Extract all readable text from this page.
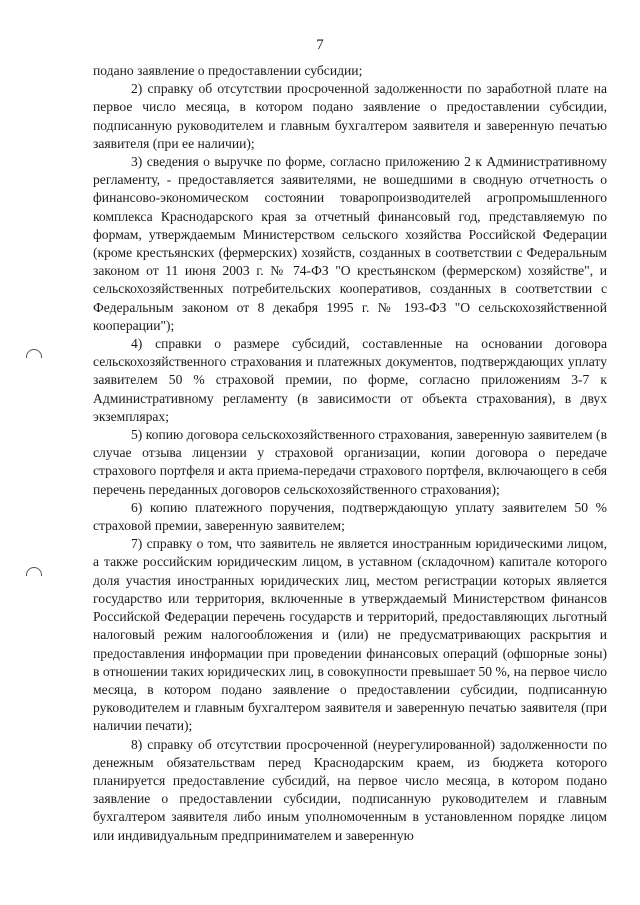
7

подано заявление о предоставлении субсидии;

2) справку об отсутствии просроченной задолженности по заработной плате на первое число месяца, в котором подано заявление о предоставлении субсидии, подписанную руководителем и главным бухгалтером заявителя и заверенную печатью заявителя (при ее наличии);

3) сведения о выручке по форме, согласно приложению 2 к Административному регламенту, - предоставляется заявителями, не вошедшими в сводную отчетность о финансово-экономическом состоянии товаропроизводителей агропромышленного комплекса Краснодарского края за отчетный финансовый год, представляемую по формам, утверждаемым Министерством сельского хозяйства Российской Федерации (кроме крестьянских (фермерских) хозяйств, созданных в соответствии с Федеральным законом от 11 июня 2003 г. № 74-ФЗ "О крестьянском (фермерском) хозяйстве", и сельскохозяйственных потребительских кооперативов, созданных в соответствии с Федеральным законом от 8 декабря 1995 г. № 193-ФЗ "О сельскохозяйственной кооперации");

4) справки о размере субсидий, составленные на основании договора сельскохозяйственного страхования и платежных документов, подтверждающих уплату заявителем 50 % страховой премии, по форме, согласно приложениям 3-7 к Административному регламенту (в зависимости от объекта страхования), в двух экземплярах;

5) копию договора сельскохозяйственного страхования, заверенную заявителем (в случае отзыва лицензии у страховой организации, копии договора о передаче страхового портфеля и акта приема-передачи страхового портфеля, включающего в себя перечень переданных договоров сельскохозяйственного страхования);

6) копию платежного поручения, подтверждающую уплату заявителем 50 % страховой премии, заверенную заявителем;

7) справку о том, что заявитель не является иностранным юридическими лицом, а также российским юридическим лицом, в уставном (складочном) капитале которого доля участия иностранных юридических лиц, местом регистрации которых является государство или территория, включенные в утверждаемый Министерством финансов Российской Федерации перечень государств и территорий, предоставляющих льготный налоговый режим налогообложения и (или) не предусматривающих раскрытия и предоставления информации при проведении финансовых операций (офшорные зоны) в отношении таких юридических лиц, в совокупности превышает 50 %, на первое число месяца, в котором подано заявление о предоставлении субсидии, подписанную руководителем и главным бухгалтером заявителя и заверенную печатью заявителя (при наличии печати);

8) справку об отсутствии просроченной (неурегулированной) задолженности по денежным обязательствам перед Краснодарским краем, из бюджета которого планируется предоставление субсидий, на первое число месяца, в котором подано заявление о предоставлении субсидии, подписанную руководителем и главным бухгалтером заявителя либо иным уполномоченным в установленном порядке лицом или индивидуальным предпринимателем и заверенную
